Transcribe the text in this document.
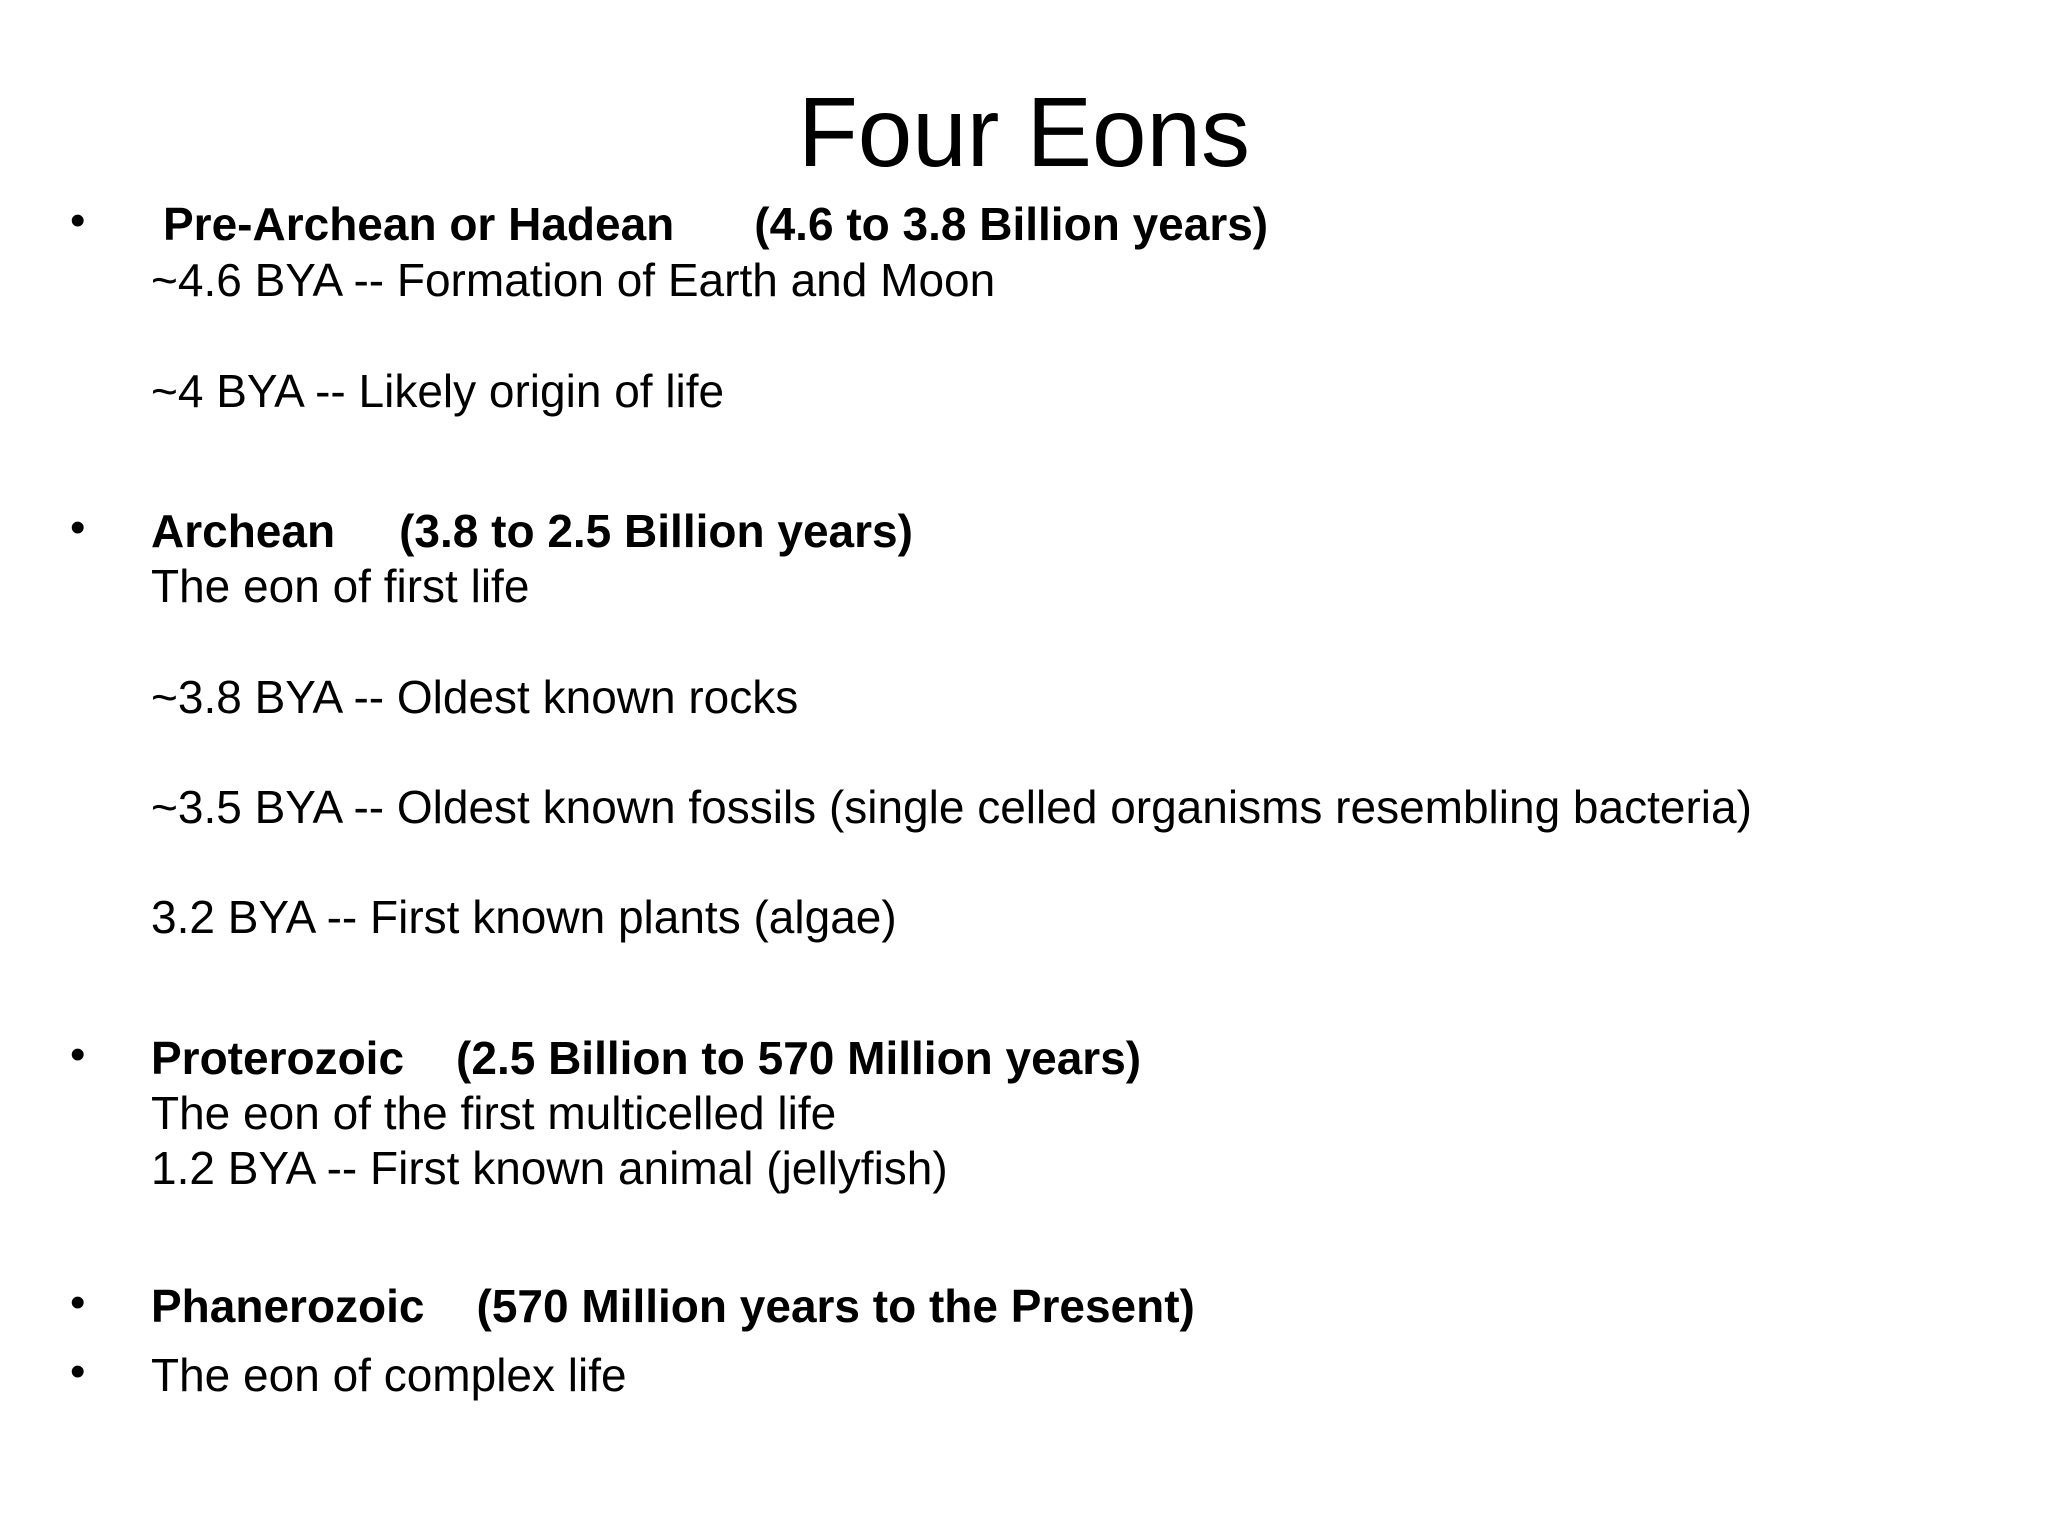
Four Eons
• Pre-Archean or Hadean (4.6 to 3.8 Billion years)
~4.6 BYA -- Formation of Earth and Moon
~4 BYA -- Likely origin of life
• Archean (3.8 to 2.5 Billion years)
The eon of first life
~3.8 BYA -- Oldest known rocks
~3.5 BYA -- Oldest known fossils (single celled organisms resembling bacteria)
3.2 BYA -- First known plants (algae)
• Proterozoic (2.5 Billion to 570 Million years)
The eon of the first multicelled life
1.2 BYA -- First known animal (jellyfish)
• Phanerozoic (570 Million years to the Present)
• The eon of complex life
